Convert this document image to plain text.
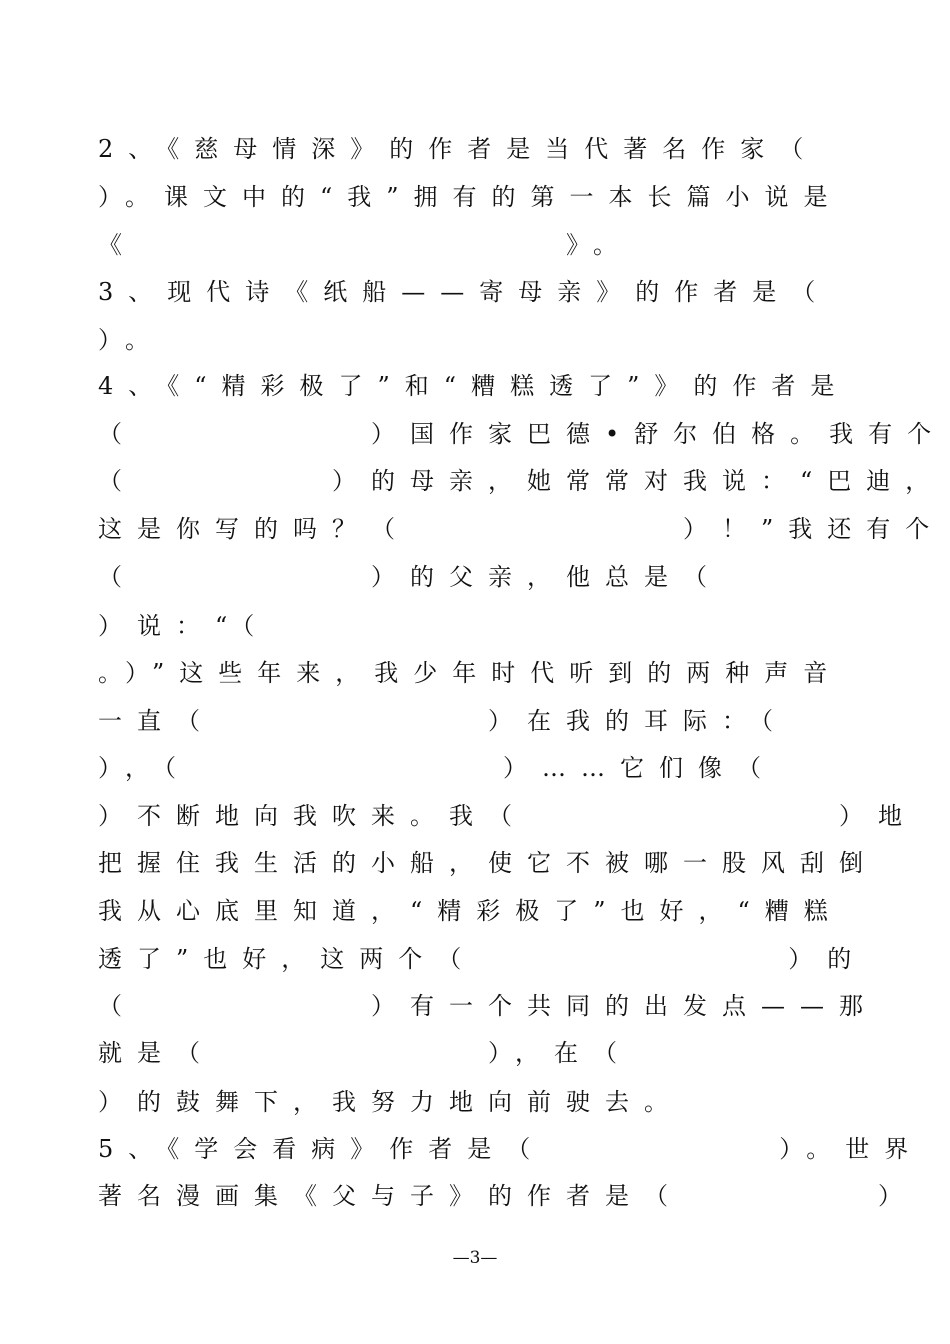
2、《慈母情深》的作者是当代著名作家（
）。课文中的“我”拥有的第一本长篇小说是
《　　　　　　　　　　　》。
3、现代诗《纸船——寄母亲》的作者是（
）。
4、《“精彩极了”和“糟糕透了”》的作者是
（　　　　　　）国作家巴德•舒尔伯格。我有个
（　　　　　）的母亲，她常常对我说：“巴迪，
这是你写的吗？（　　　　　　　）！”我还有个
（　　　　　　）的父亲，他总是（
）说：“（
。）”这些年来，我少年时代听到的两种声音
一直（　　　　　　　）在我的耳际：（
），（　　　　　　　　）……它们像（
）不断地向我吹来。我（　　　　　　　　）地
把握住我生活的小船，使它不被哪一股风刮倒
我从心底里知道，“精彩极了”也好，“糟糕
透了”也好，这两个（　　　　　　　　）的
（　　　　　　）有一个共同的出发点——那
就是（　　　　　　　），在（
）的鼓舞下，我努力地向前驶去。
5、《学会看病》作者是（　　　　　　）。世界
著名漫画集《父与子》的作者是（　　　　　）
—3—
